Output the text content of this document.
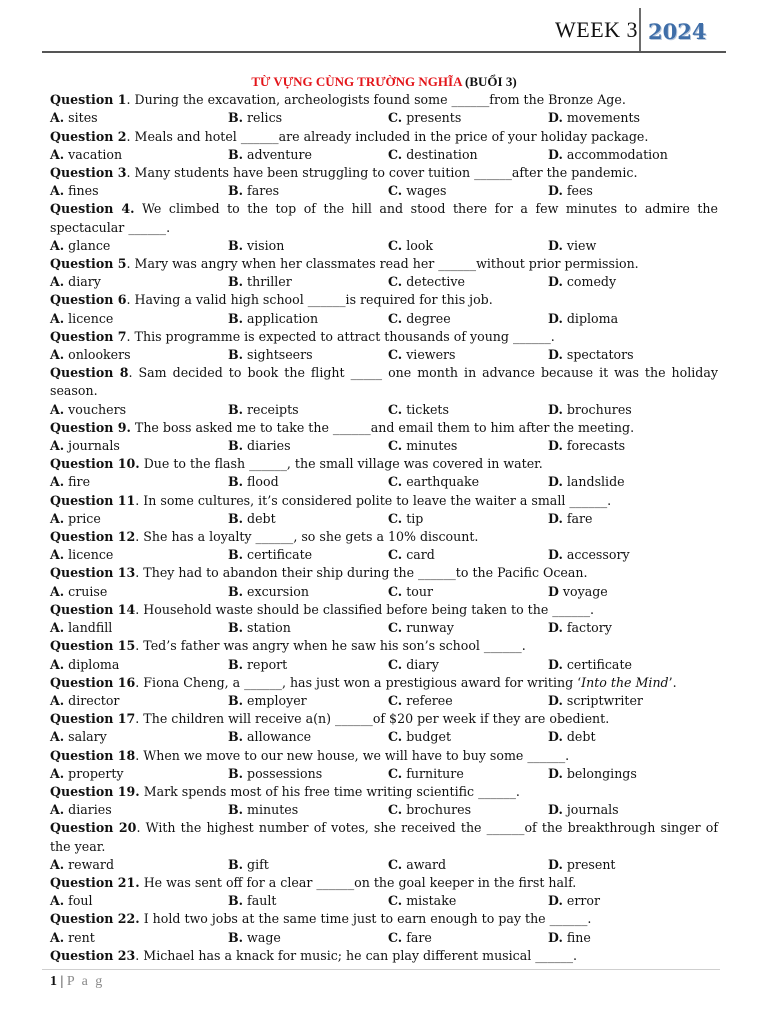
WEEK 3 2024
TỪ VỰNG CÙNG TRƯỜNG NGHĨA (BUỔI 3)
Question 1. During the excavation, archeologists found some ______from the Bronze Age.
A. sites	B. relics	C. presents	D. movements
Question 2. Meals and hotel ______are already included in the price of your holiday package.
A. vacation	B. adventure	C. destination	D. accommodation
Question 3. Many students have been struggling to cover tuition ______after the pandemic.
A. fines	B. fares	C. wages	D. fees
Question 4. We climbed to the top of the hill and stood there for a few minutes to admire the spectacular ______.
A. glance	B. vision	C. look	D. view
Question 5. Mary was angry when her classmates read her ______without prior permission.
A. diary	B. thriller	C. detective	D. comedy
Question 6. Having a valid high school ______is required for this job.
A. licence	B. application	C. degree	D. diploma
Question 7. This programme is expected to attract thousands of young ______.
A. onlookers	B. sightseers	C. viewers	D. spectators
Question 8. Sam decided to book the flight _____ one month in advance because it was the holiday season.
A. vouchers	B. receipts	C. tickets	D. brochures
Question 9. The boss asked me to take the ______and email them to him after the meeting.
A. journals	B. diaries	C. minutes	D. forecasts
Question 10. Due to the flash ______, the small village was covered in water.
A. fire	B. flood	C. earthquake	D. landslide
Question 11. In some cultures, it’s considered polite to leave the waiter a small ______.
A. price	B. debt	C. tip	D. fare
Question 12. She has a loyalty ______, so she gets a 10% discount.
A. licence	B. certificate	C. card	D. accessory
Question 13. They had to abandon their ship during the ______to the Pacific Ocean.
A. cruise	B. excursion	C. tour	D voyage
Question 14. Household waste should be classified before being taken to the ______.
A. landfill	B. station	C. runway	D. factory
Question 15. Ted’s father was angry when he saw his son’s school ______.
A. diploma	B. report	C. diary	D. certificate
Question 16. Fiona Cheng, a ______, has just won a prestigious award for writing ‘Into the Mind’.
A. director	B. employer	C. referee	D. scriptwriter
Question 17. The children will receive a(n) ______of $20 per week if they are obedient.
A. salary	B. allowance	C. budget	D. debt
Question 18. When we move to our new house, we will have to buy some ______.
A. property	B. possessions	C. furniture	D. belongings
Question 19. Mark spends most of his free time writing scientific ______.
A. diaries	B. minutes	C. brochures	D. journals
Question 20. With the highest number of votes, she received the ______of the breakthrough singer of the year.
A. reward	B. gift	C. award	D. present
Question 21. He was sent off for a clear ______on the goal keeper in the first half.
A. foul	B. fault	C. mistake	D. error
Question 22. I hold two jobs at the same time just to earn enough to pay the ______.
A. rent	B. wage	C. fare	D. fine
Question 23. Michael has a knack for music; he can play different musical ______.
1 | P a g
